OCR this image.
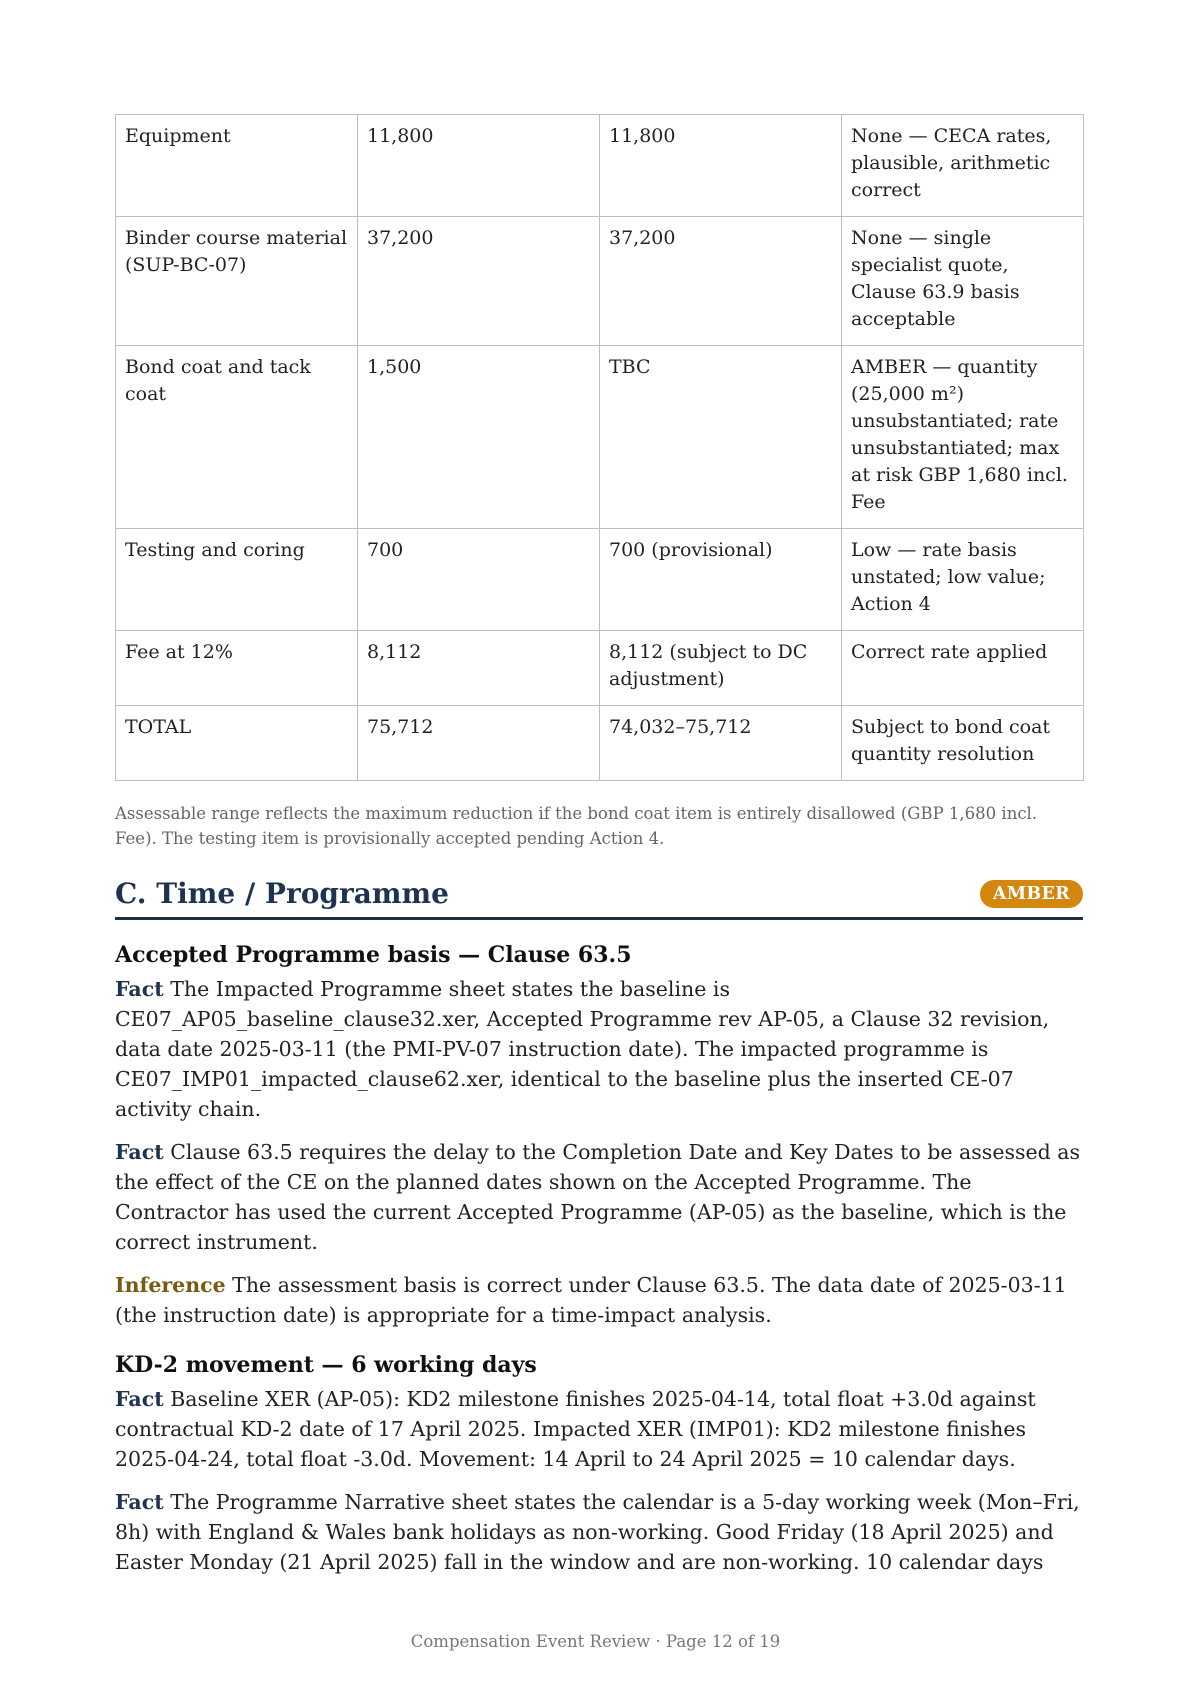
Equipment	11,800	11,800	None — CECA rates, plausible, arithmetic correct
Binder course material (SUP-BC-07)	37,200	37,200	None — single specialist quote, Clause 63.9 basis acceptable
Bond coat and tack coat	1,500	TBC	AMBER — quantity (25,000 m²) unsubstantiated; rate unsubstantiated; max at risk GBP 1,680 incl. Fee
Testing and coring	700	700 (provisional)	Low — rate basis unstated; low value; Action 4
Fee at 12%	8,112	8,112 (subject to DC adjustment)	Correct rate applied
TOTAL	75,712	74,032–75,712	Subject to bond coat quantity resolution
Assessable range reflects the maximum reduction if the bond coat item is entirely disallowed (GBP 1,680 incl. Fee). The testing item is provisionally accepted pending Action 4.
C. Time / Programme	AMBER
Accepted Programme basis — Clause 63.5

Fact The Impacted Programme sheet states the baseline is CE07_AP05_baseline_clause32.xer, Accepted Programme rev AP-05, a Clause 32 revision, data date 2025-03-11 (the PMI-PV-07 instruction date). The impacted programme is CE07_IMP01_impacted_clause62.xer, identical to the baseline plus the inserted CE-07 activity chain.

Fact Clause 63.5 requires the delay to the Completion Date and Key Dates to be assessed as the effect of the CE on the planned dates shown on the Accepted Programme. The Contractor has used the current Accepted Programme (AP-05) as the baseline, which is the correct instrument.

Inference The assessment basis is correct under Clause 63.5. The data date of 2025-03-11 (the instruction date) is appropriate for a time-impact analysis.

KD-2 movement — 6 working days

Fact Baseline XER (AP-05): KD2 milestone finishes 2025-04-14, total float +3.0d against contractual KD-2 date of 17 April 2025. Impacted XER (IMP01): KD2 milestone finishes 2025-04-24, total float -3.0d. Movement: 14 April to 24 April 2025 = 10 calendar days.

Fact The Programme Narrative sheet states the calendar is a 5-day working week (Mon–Fri, 8h) with England & Wales bank holidays as non-working. Good Friday (18 April 2025) and Easter Monday (21 April 2025) fall in the window and are non-working. 10 calendar days

Compensation Event Review · Page 12 of 19
